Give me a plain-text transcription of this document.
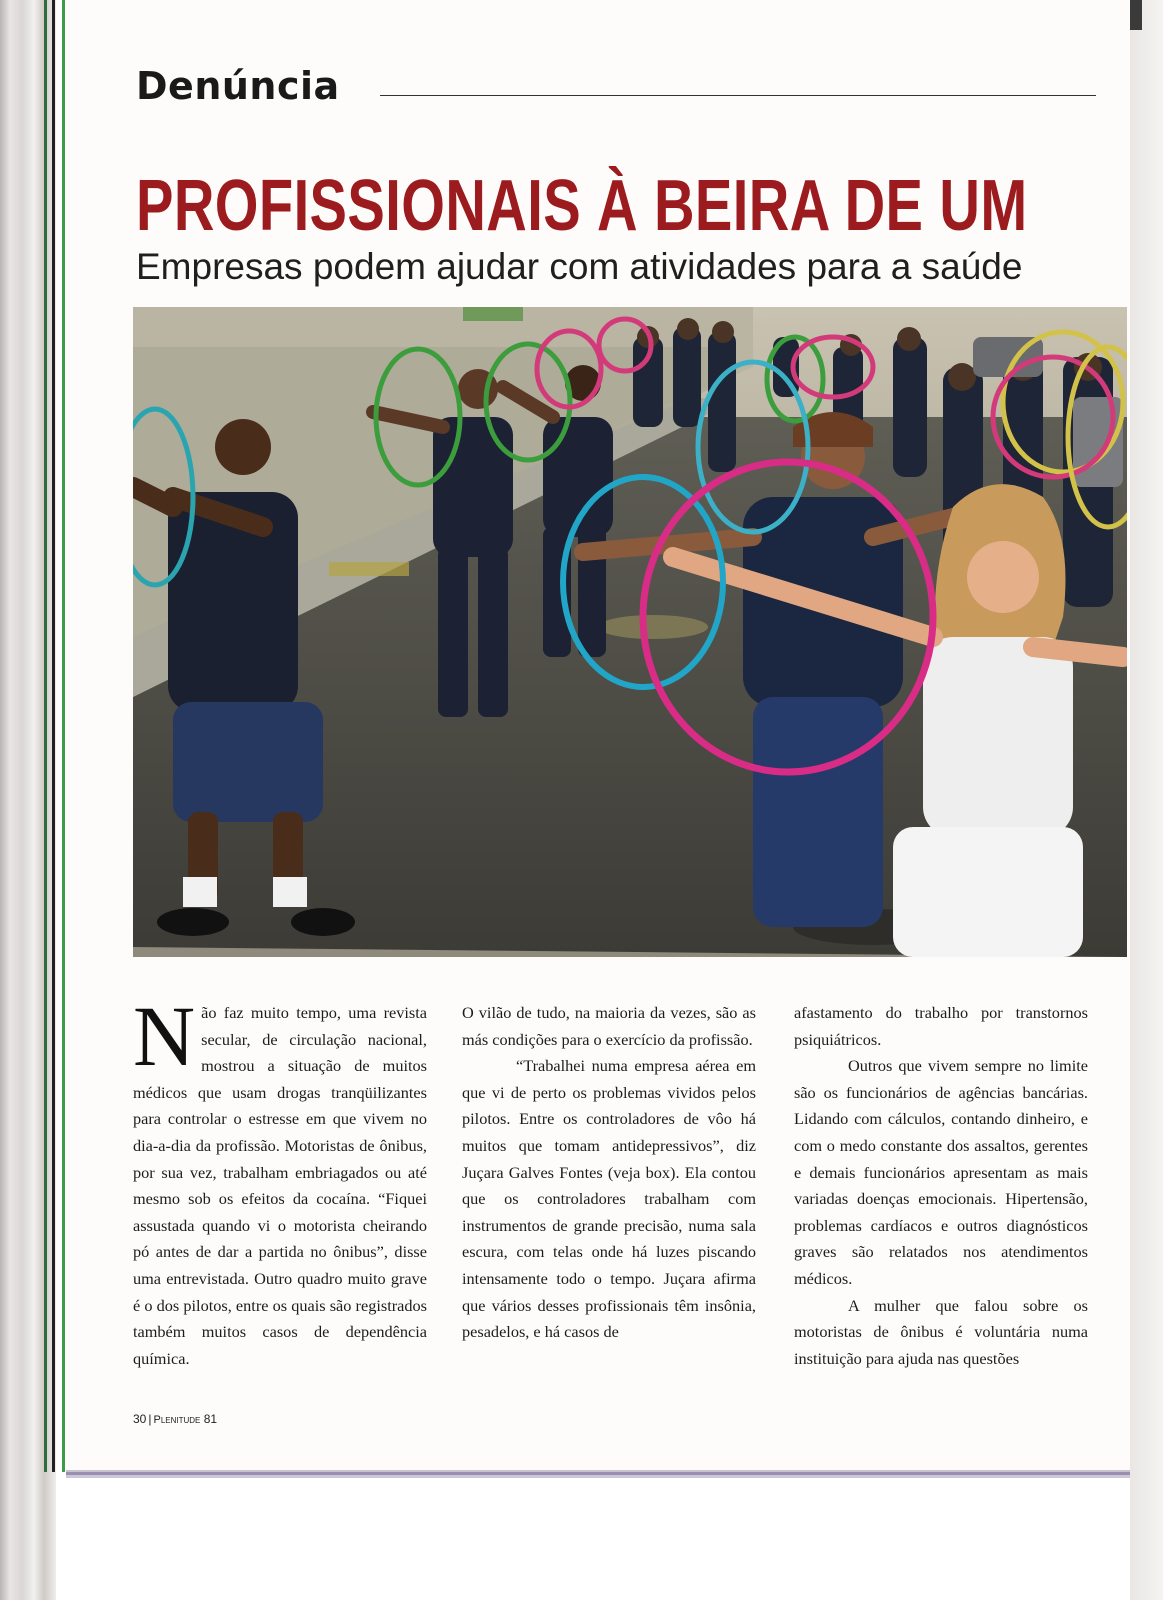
Denúncia
PROFISSIONAIS À BEIRA DE UM
Empresas podem ajudar com atividades para a saúde

Não faz muito tempo, uma revista secular, de circulação nacional, mostrou a situação de muitos médicos que usam drogas tranqüilizantes para controlar o estresse em que vivem no dia-a-dia da profissão. Motoristas de ônibus, por sua vez, trabalham embriagados ou até mesmo sob os efeitos da cocaína. “Fiquei assustada quando vi o motorista cheirando pó antes de dar a partida no ônibus”, disse uma entrevistada. Outro quadro muito grave é o dos pilotos, entre os quais são registrados também muitos casos de dependência química.

O vilão de tudo, na maioria da vezes, são as más condições para o exercício da profissão.

“Trabalhei numa empresa aérea em que vi de perto os problemas vividos pelos pilotos. Entre os controladores de vôo há muitos que tomam antidepressivos”, diz Juçara Galves Fontes (veja box). Ela contou que os controladores trabalham com instrumentos de grande precisão, numa sala escura, com telas onde há luzes piscando intensamente todo o tempo. Juçara afirma que vários desses profissionais têm insônia, pesadelos, e há casos de

afastamento do trabalho por transtornos psiquiátricos.

Outros que vivem sempre no limite são os funcionários de agências bancárias. Lidando com cálculos, contando dinheiro, e com o medo constante dos assaltos, gerentes e demais funcionários apresentam as mais variadas doenças emocionais. Hipertensão, problemas cardíacos e outros diagnósticos graves são relatados nos atendimentos médicos.

A mulher que falou sobre os motoristas de ônibus é voluntária numa instituição para ajuda nas questões

30 | Plenitude 81
